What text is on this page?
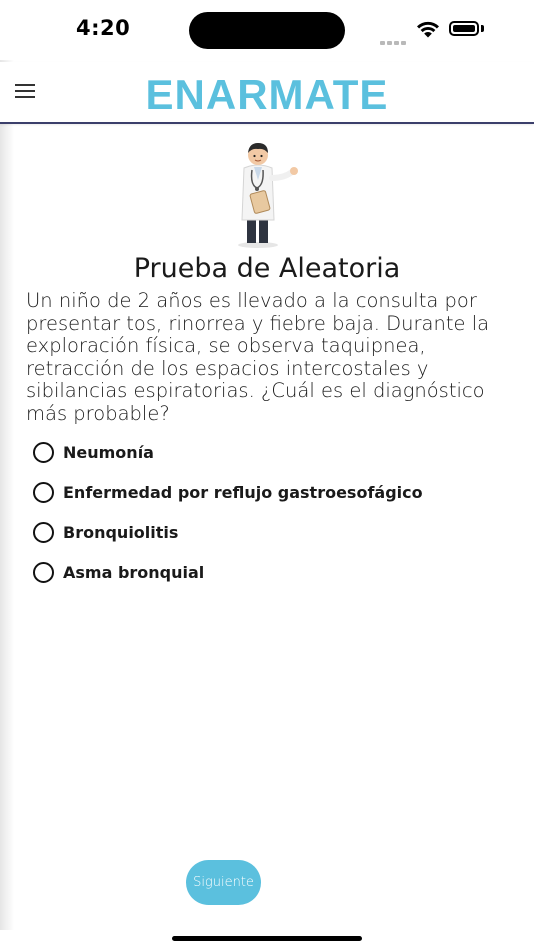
4:20
ENARMATE
Prueba de Aleatoria
Un niño de 2 años es llevado a la consulta por presentar tos, rinorrea y fiebre baja. Durante la exploración física, se observa taquipnea, retracción de los espacios intercostales y sibilancias espiratorias. ¿Cuál es el diagnóstico más probable?
Neumonía
Enfermedad por reflujo gastroesofágico
Bronquiolitis
Asma bronquial
Siguiente
